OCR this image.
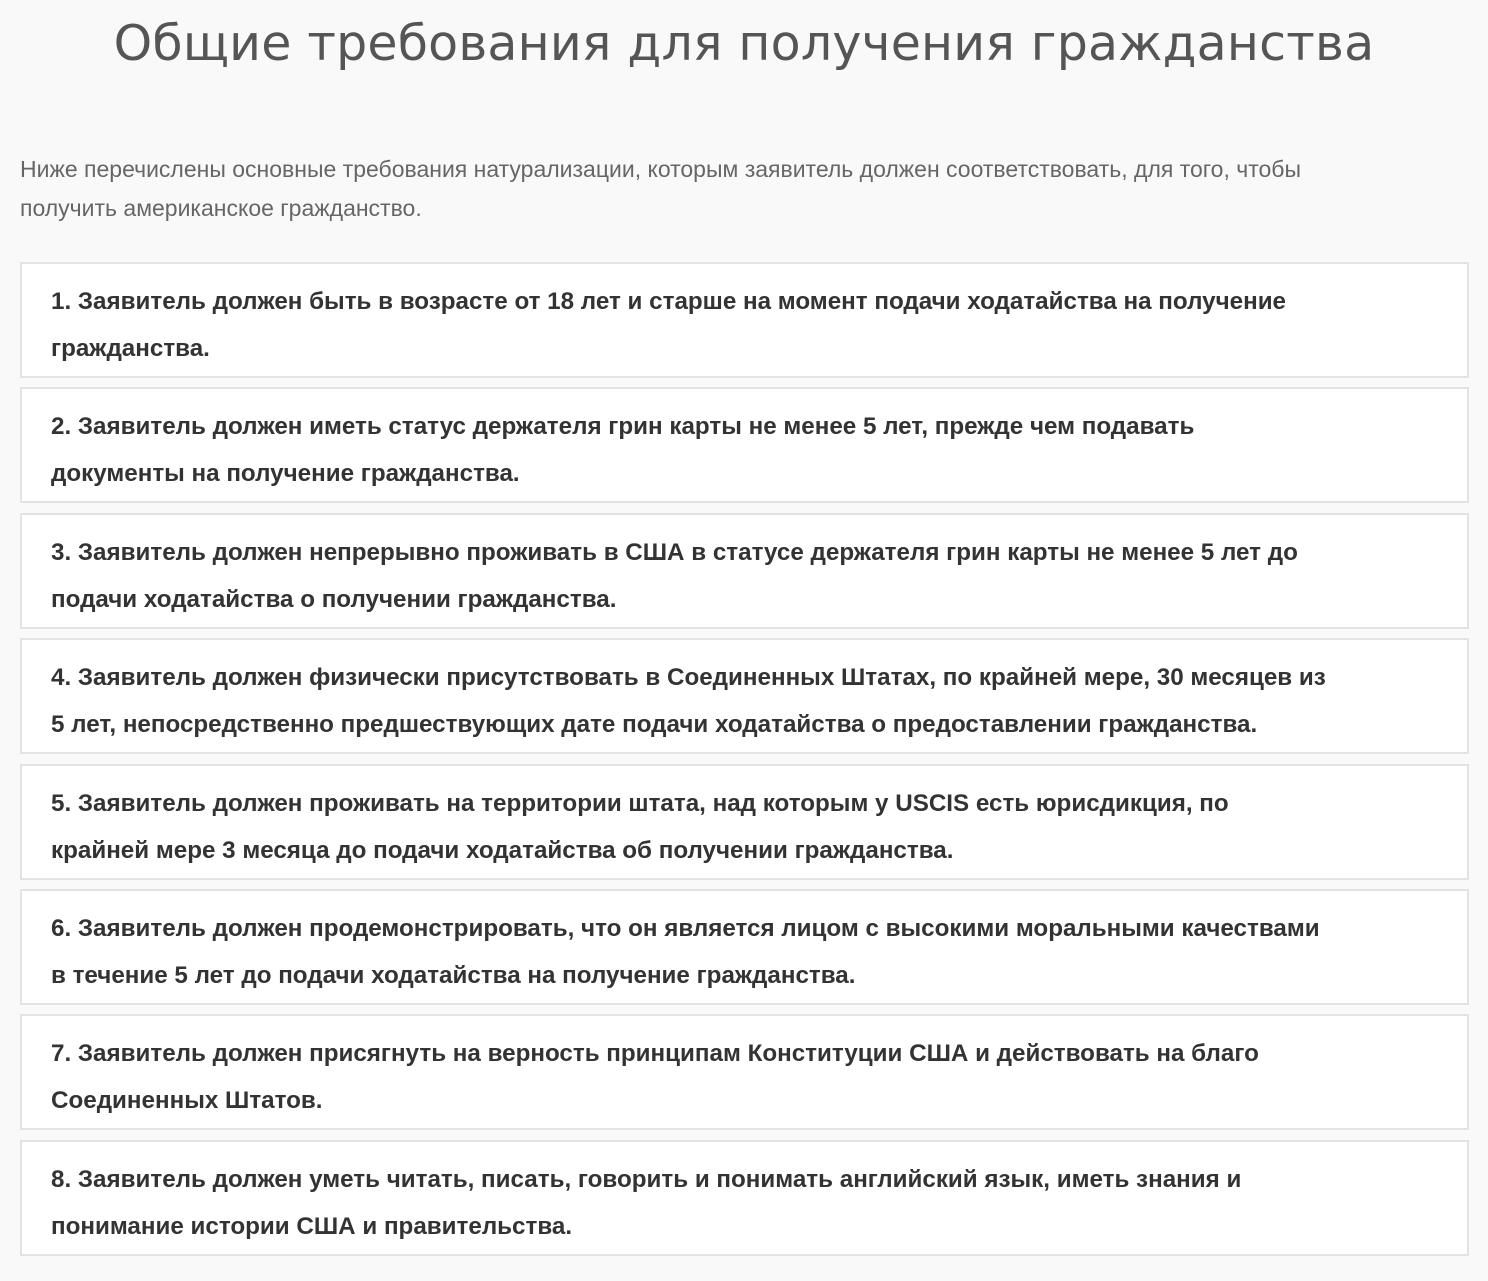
Общие требования для получения гражданства

Ниже перечислены основные требования натурализации, которым заявитель должен соответствовать, для того, чтобы
получить американское гражданство.

1. Заявитель должен быть в возрасте от 18 лет и старше на момент подачи ходатайства на получение
гражданства.
2. Заявитель должен иметь статус держателя грин карты не менее 5 лет, прежде чем подавать
документы на получение гражданства.
3. Заявитель должен непрерывно проживать в США в статусе держателя грин карты не менее 5 лет до
подачи ходатайства о получении гражданства.
4. Заявитель должен физически присутствовать в Соединенных Штатах, по крайней мере, 30 месяцев из
5 лет, непосредственно предшествующих дате подачи ходатайства о предоставлении гражданства.
5. Заявитель должен проживать на территории штата, над которым у USCIS есть юрисдикция, по
крайней мере 3 месяца до подачи ходатайства об получении гражданства.
6. Заявитель должен продемонстрировать, что он является лицом с высокими моральными качествами
в течение 5 лет до подачи ходатайства на получение гражданства.
7. Заявитель должен присягнуть на верность принципам Конституции США и действовать на благо
Соединенных Штатов.
8. Заявитель должен уметь читать, писать, говорить и понимать английский язык, иметь знания и
понимание истории США и правительства.
